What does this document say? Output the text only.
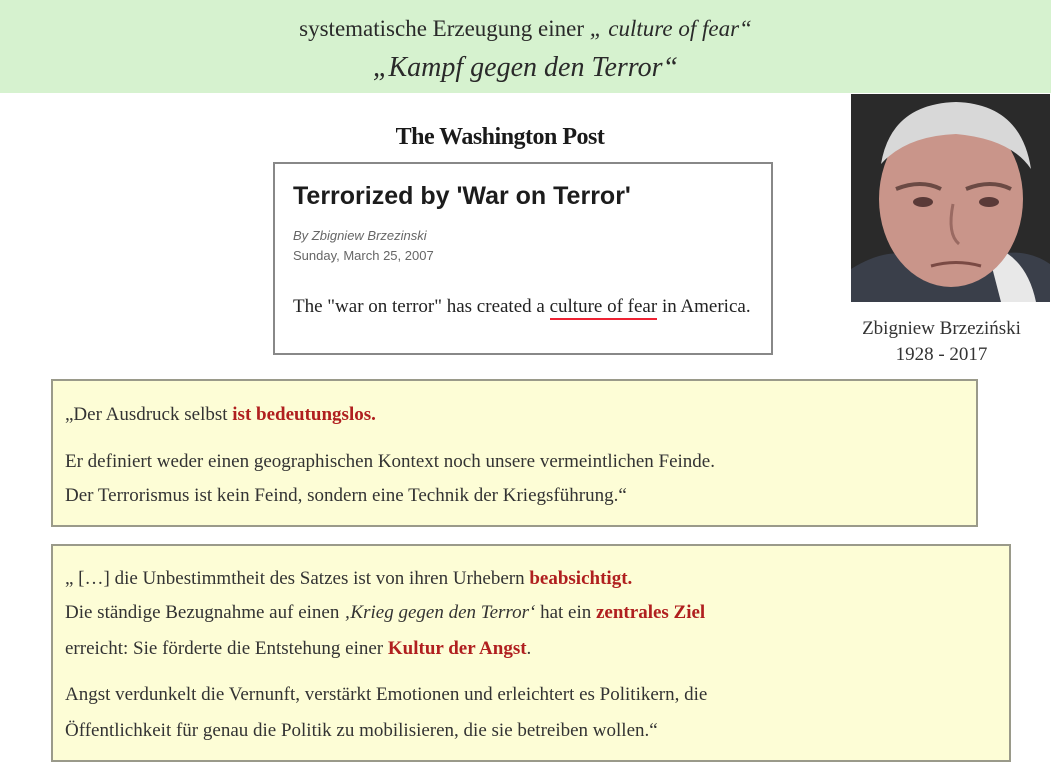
systematische Erzeugung einer „ culture of fear“
„Kampf gegen den Terror“
The Washington Post
Terrorized by 'War on Terror'
By Zbigniew Brzezinski
Sunday, March 25, 2007
The "war on terror" has created a culture of fear in America.
Zbigniew Brzeziński
1928 - 2017
„Der Ausdruck selbst ist bedeutungslos.
Er definiert weder einen geographischen Kontext noch unsere vermeintlichen Feinde.
Der Terrorismus ist kein Feind, sondern eine Technik der Kriegsführung.“
„ […] die Unbestimmtheit des Satzes ist von ihren Urhebern beabsichtigt.
Die ständige Bezugnahme auf einen ‚Krieg gegen den Terror‘ hat ein zentrales Ziel
erreicht: Sie förderte die Entstehung einer Kultur der Angst.
Angst verdunkelt die Vernunft, verstärkt Emotionen und erleichtert es Politikern, die
Öffentlichkeit für genau die Politik zu mobilisieren, die sie betreiben wollen.“
